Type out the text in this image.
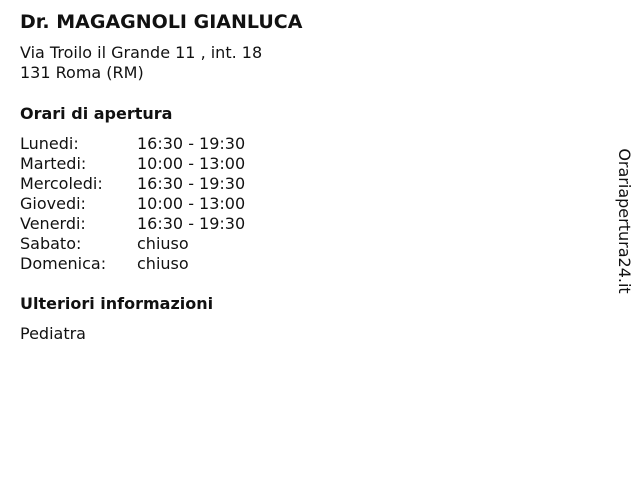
Dr. MAGAGNOLI GIANLUCA
Via Troilo il Grande 11 , int. 18
131 Roma (RM)
Orari di apertura
Lunedi:	16:30 - 19:30
Martedi:	10:00 - 13:00
Mercoledi:	16:30 - 19:30
Giovedi:	10:00 - 13:00
Venerdi:	16:30 - 19:30
Sabato:	chiuso
Domenica:	chiuso
Ulteriori informazioni
Pediatra
Orariapertura24.it
